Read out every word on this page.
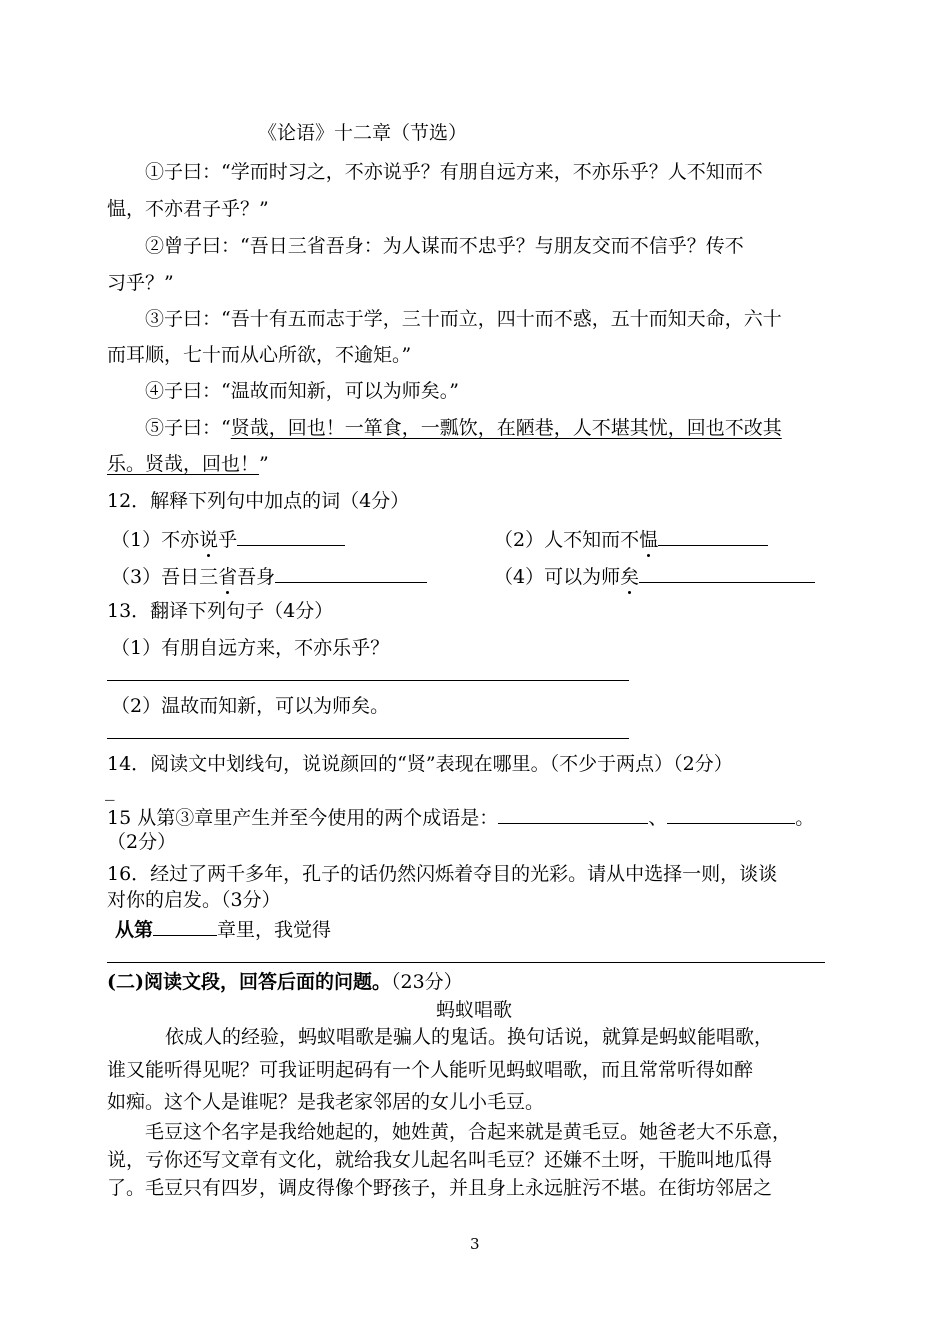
《论语》十二章（节选）
①子曰：“学而时习之，不亦说乎？有朋自远方来，不亦乐乎？人不知而不
愠，不亦君子乎？”
②曾子曰：“吾日三省吾身：为人谋而不忠乎？与朋友交而不信乎？传不
习乎？”
③子曰：“吾十有五而志于学，三十而立，四十而不惑，五十而知天命，六十
而耳顺，七十而从心所欲，不逾矩。”
④子曰：“温故而知新，可以为师矣。”
⑤子曰：“贤哉，回也！一箪食，一瓢饮，在陋巷，人不堪其忧，回也不改其
乐。贤哉，回也！”
12．解释下列句中加点的词（4分）
（1）不亦说乎	（2）人不知而不愠
（3）吾日三省吾身	（4）可以为师矣
13．翻译下列句子（4分）
（1）有朋自远方来，不亦乐乎？
（2）温故而知新，可以为师矣。
14．阅读文中划线句，说说颜回的“贤”表现在哪里。（不少于两点）（2分）
_
15 从第③章里产生并至今使用的两个成语是：	、	。
（2分）
16．经过了两千多年，孔子的话仍然闪烁着夺目的光彩。请从中选择一则，谈谈
对你的启发。（3分）
从第	章里，我觉得
(二)阅读文段，回答后面的问题。（23分）
蚂蚁唱歌
依成人的经验，蚂蚁唱歌是骗人的鬼话。换句话说，就算是蚂蚁能唱歌，
谁又能听得见呢？可我证明起码有一个人能听见蚂蚁唱歌，而且常常听得如醉
如痴。这个人是谁呢？是我老家邻居的女儿小毛豆。
毛豆这个名字是我给她起的，她姓黄，合起来就是黄毛豆。她爸老大不乐意，
说，亏你还写文章有文化，就给我女儿起名叫毛豆？还嫌不土呀，干脆叫地瓜得
了。毛豆只有四岁，调皮得像个野孩子，并且身上永远脏污不堪。在街坊邻居之
3
